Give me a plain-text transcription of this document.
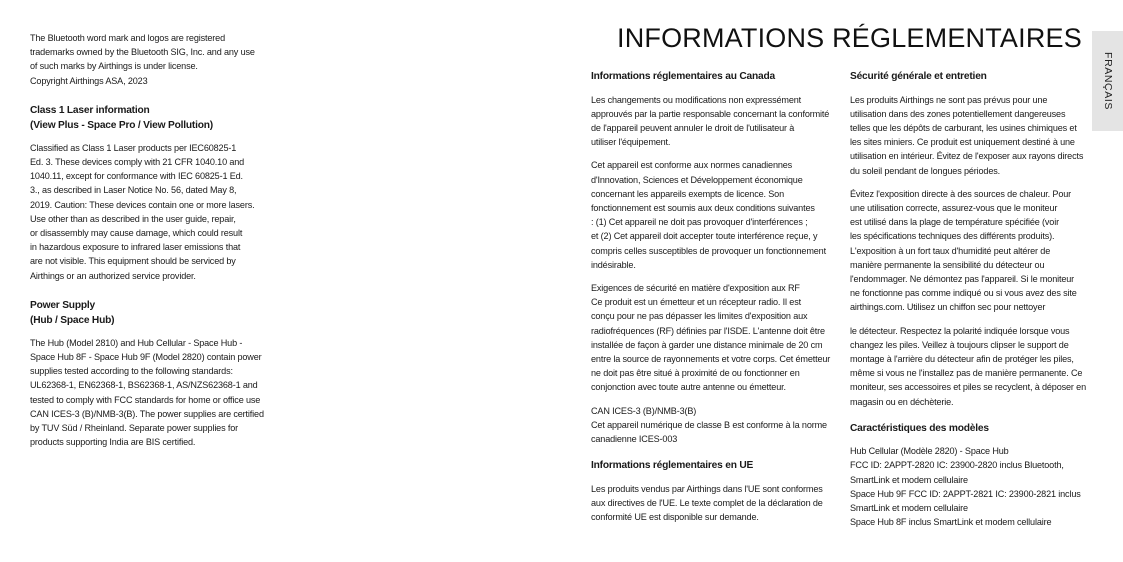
The Bluetooth word mark and logos are registered
trademarks owned by the Bluetooth SIG, Inc. and any use
of such marks by Airthings is under license.
Copyright Airthings ASA, 2023

Class 1 Laser information
(View Plus - Space Pro / View Pollution)

Classified as Class 1 Laser products per IEC60825-1
Ed. 3. These devices comply with 21 CFR 1040.10 and
1040.11, except for conformance with IEC 60825-1 Ed.
3., as described in Laser Notice No. 56, dated May 8,
2019. Caution: These devices contain one or more lasers.
Use other than as described in the user guide, repair,
or disassembly may cause damage, which could result
in hazardous exposure to infrared laser emissions that
are not visible. This equipment should be serviced by
Airthings or an authorized service provider.

Power Supply
(Hub / Space Hub)

The Hub (Model 2810) and Hub Cellular - Space Hub -
Space Hub 8F - Space Hub 9F (Model 2820) contain power
supplies tested according to the following standards:
UL62368-1, EN62368-1, BS62368-1, AS/NZS62368-1 and
tested to comply with FCC standards for home or office use
CAN ICES-3 (B)/NMB-3(B). The power supplies are certified
by TUV Süd / Rheinland. Separate power supplies for
products supporting India are BIS certified.

INFORMATIONS RÉGLEMENTAIRES
FRANÇAIS

Informations réglementaires au Canada

Les changements ou modifications non expressément
approuvés par la partie responsable concernant la conformité
de l'appareil peuvent annuler le droit de l'utilisateur à
utiliser l'équipement.

Cet appareil est conforme aux normes canadiennes
d'Innovation, Sciences et Développement économique
concernant les appareils exempts de licence. Son
fonctionnement est soumis aux deux conditions suivantes
: (1) Cet appareil ne doit pas provoquer d'interférences ;
et (2) Cet appareil doit accepter toute interférence reçue, y
compris celles susceptibles de provoquer un fonctionnement
indésirable.

Exigences de sécurité en matière d'exposition aux RF
Ce produit est un émetteur et un récepteur radio. Il est
conçu pour ne pas dépasser les limites d'exposition aux
radiofréquences (RF) définies par l'ISDE. L'antenne doit être
installée de façon à garder une distance minimale de 20 cm
entre la source de rayonnements et votre corps. Cet émetteur
ne doit pas être situé à proximité de ou fonctionner en
conjonction avec toute autre antenne ou émetteur.

CAN ICES-3 (B)/NMB-3(B)
Cet appareil numérique de classe B est conforme à la norme
canadienne ICES-003

Informations réglementaires en UE

Les produits vendus par Airthings dans l'UE sont conformes
aux directives de l'UE. Le texte complet de la déclaration de
conformité UE est disponible sur demande.

Sécurité générale et entretien

Les produits Airthings ne sont pas prévus pour une
utilisation dans des zones potentiellement dangereuses
telles que les dépôts de carburant, les usines chimiques et
les sites miniers. Ce produit est uniquement destiné à une
utilisation en intérieur. Évitez de l'exposer aux rayons directs
du soleil pendant de longues périodes.

Évitez l'exposition directe à des sources de chaleur. Pour
une utilisation correcte, assurez-vous que le moniteur
est utilisé dans la plage de température spécifiée (voir
les spécifications techniques des différents produits).
L'exposition à un fort taux d'humidité peut altérer de
manière permanente la sensibilité du détecteur ou
l'endommager. Ne démontez pas l'appareil. Si le moniteur
ne fonctionne pas comme indiqué ou si vous avez des site
airthings.com. Utilisez un chiffon sec pour nettoyer

le détecteur. Respectez la polarité indiquée lorsque vous
changez les piles. Veillez à toujours clipser le support de
montage à l'arrière du détecteur afin de protéger les piles,
même si vous ne l'installez pas de manière permanente. Ce
moniteur, ses accessoires et piles se recyclent, à déposer en
magasin ou en déchèterie.

Caractéristiques des modèles

Hub Cellular (Modèle 2820) - Space Hub
FCC ID: 2APPT-2820 IC: 23900-2820 inclus Bluetooth,
SmartLink et modem cellulaire
Space Hub 9F FCC ID: 2APPT-2821 IC: 23900-2821 inclus
SmartLink et modem cellulaire
Space Hub 8F inclus SmartLink et modem cellulaire
